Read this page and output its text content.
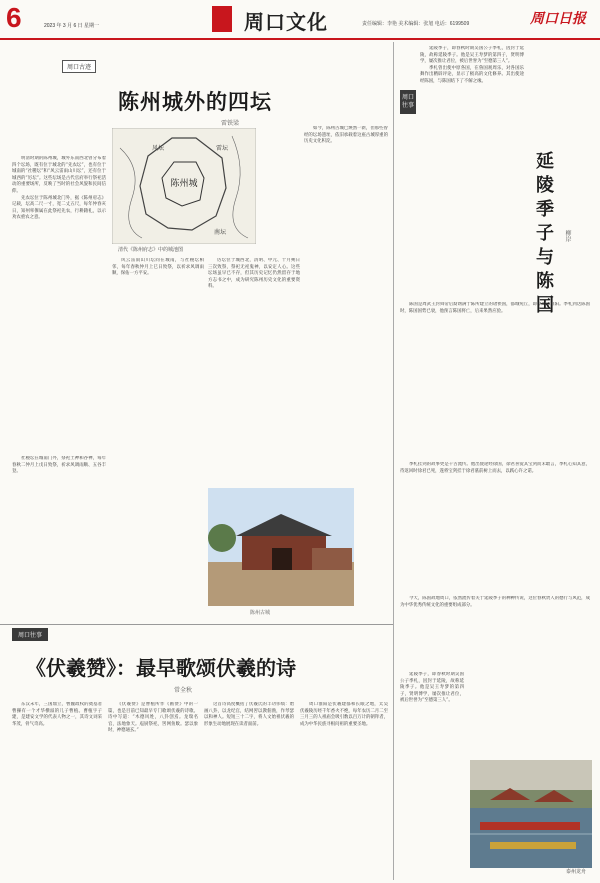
6	2023 年 3 月 6 日 星期一	周口文化	责任编辑：李艳 美术编辑：张旭 电话：6199509	周口日报
周口古迹
陈州城外的四坛
雷铁梁
陈州城
风坛	雷坛
南坛
清代《陈州府志》中的城池图

明清时期的陈州城，城外东南西北曾分布着四个坛场，既有位于城北的“先农坛”，也有位于城南的“社稷坛”和“风云雷雨山川坛”，还有位于城西的“厉坛”。这些坛场是古代官府举行祭祀活动的重要场所，反映了当时的社会风貌和民间信仰。

先农坛位于陈州城北门外，据《陈州府志》记载，坛高二尺一寸，宽二丈五尺，每年仲春亥日，知州率僚属在此祭祀先农，行耕籍礼，以示劝农重农之意。

社稷坛在城南门外，祭祀土神和谷神，每年春秋二仲月上戊日致祭，祈求风调雨顺、五谷丰登。

风云雷雨山川坛同在城南，与社稷坛相邻，每年春秋仲月上巳日致祭，以祈求风调雨顺，保佑一方平安。

厉坛位于城西北，清明、中元、十月朔日三次致祭，祭祀无祀鬼神，以安定人心。这些坛场虽早已不存，但其历史记忆仍然留存于地方志书之中，成为研究陈州历史文化的重要资料。

如今，陈州古城已焕然一新，但那些曾经的坛场遗址，依旧承载着这座古城厚重的历史文化积淀。

陈州古城
周口往事
《伏羲赞》：最早歌颂伏羲的诗
常全秋

东汉末年，三国鼎立，曹魏政权的奠基者曹操有一个才华横溢的儿子曹植。曹植字子建，是建安文学的代表人物之一，其诗文词采华茂，骨气奇高。

《伏羲赞》是曹植所作《画赞》中的一篇，也是目前已知最早专门歌颂伏羲的诗歌。诗中写道：“木德风姓，八卦创焉。龙瑞名官，法地象天。庖厨祭祀，罟网鱼畋。瑟以象时，神德通玄。”

这首诗高度概括了伏羲氏的丰功伟绩：始画八卦，以龙纪官，结网罟以教佃渔，作琴瑟以和神人。短短三十二字，将人文始祖伏羲的形象生动地展现在读者面前。

周口淮阳是伏羲建都和长眠之地，太昊伏羲陵历经千年香火不绝，每年农历二月二至三月三的人祖庙会吸引数以百万计的朝拜者，成为中华民族寻根问祖的重要圣地。

周口往事
延陵季子与陈国
柳岸

延陵季子，即春秋时期吴国公子季札，因封于延陵，故称延陵季子。他是吴王寿梦的第四子，贤明博学，屡次推让君位，被后世誉为“至德第三人”。

季札曾出使中原各国，在鲁国观周乐，对各国乐舞作出精辟评论，显示了极高的文化修养。其出使途经陈国，与陈国结下了不解之缘。

陈国是周武王封舜帝后裔妫满于陈所建立的诸侯国，都城宛丘，即今周口淮阳。季札到达陈国时，陈国国势已衰，他预言陈国将亡，后来果然应验。

季札挂剑的故事更是千古流传。他出使途经徐国，徐君喜爱其宝剑而未敢言，季札心知其意，待返回时徐君已死，遂将宝剑挂于徐君墓前树上而去，以践心许之诺。

今天，陈国故地周口，依然流传着关于延陵季子的种种传说，这位春秋贤人的德行与风范，成为中华优秀传统文化的重要组成部分。

延陵季子，即春秋时期吴国公子季札，因封于延陵，故称延陵季子。他是吴王寿梦的第四子，贤明博学，屡次推让君位，被后世誉为“至德第三人”。

泰州龙舟
